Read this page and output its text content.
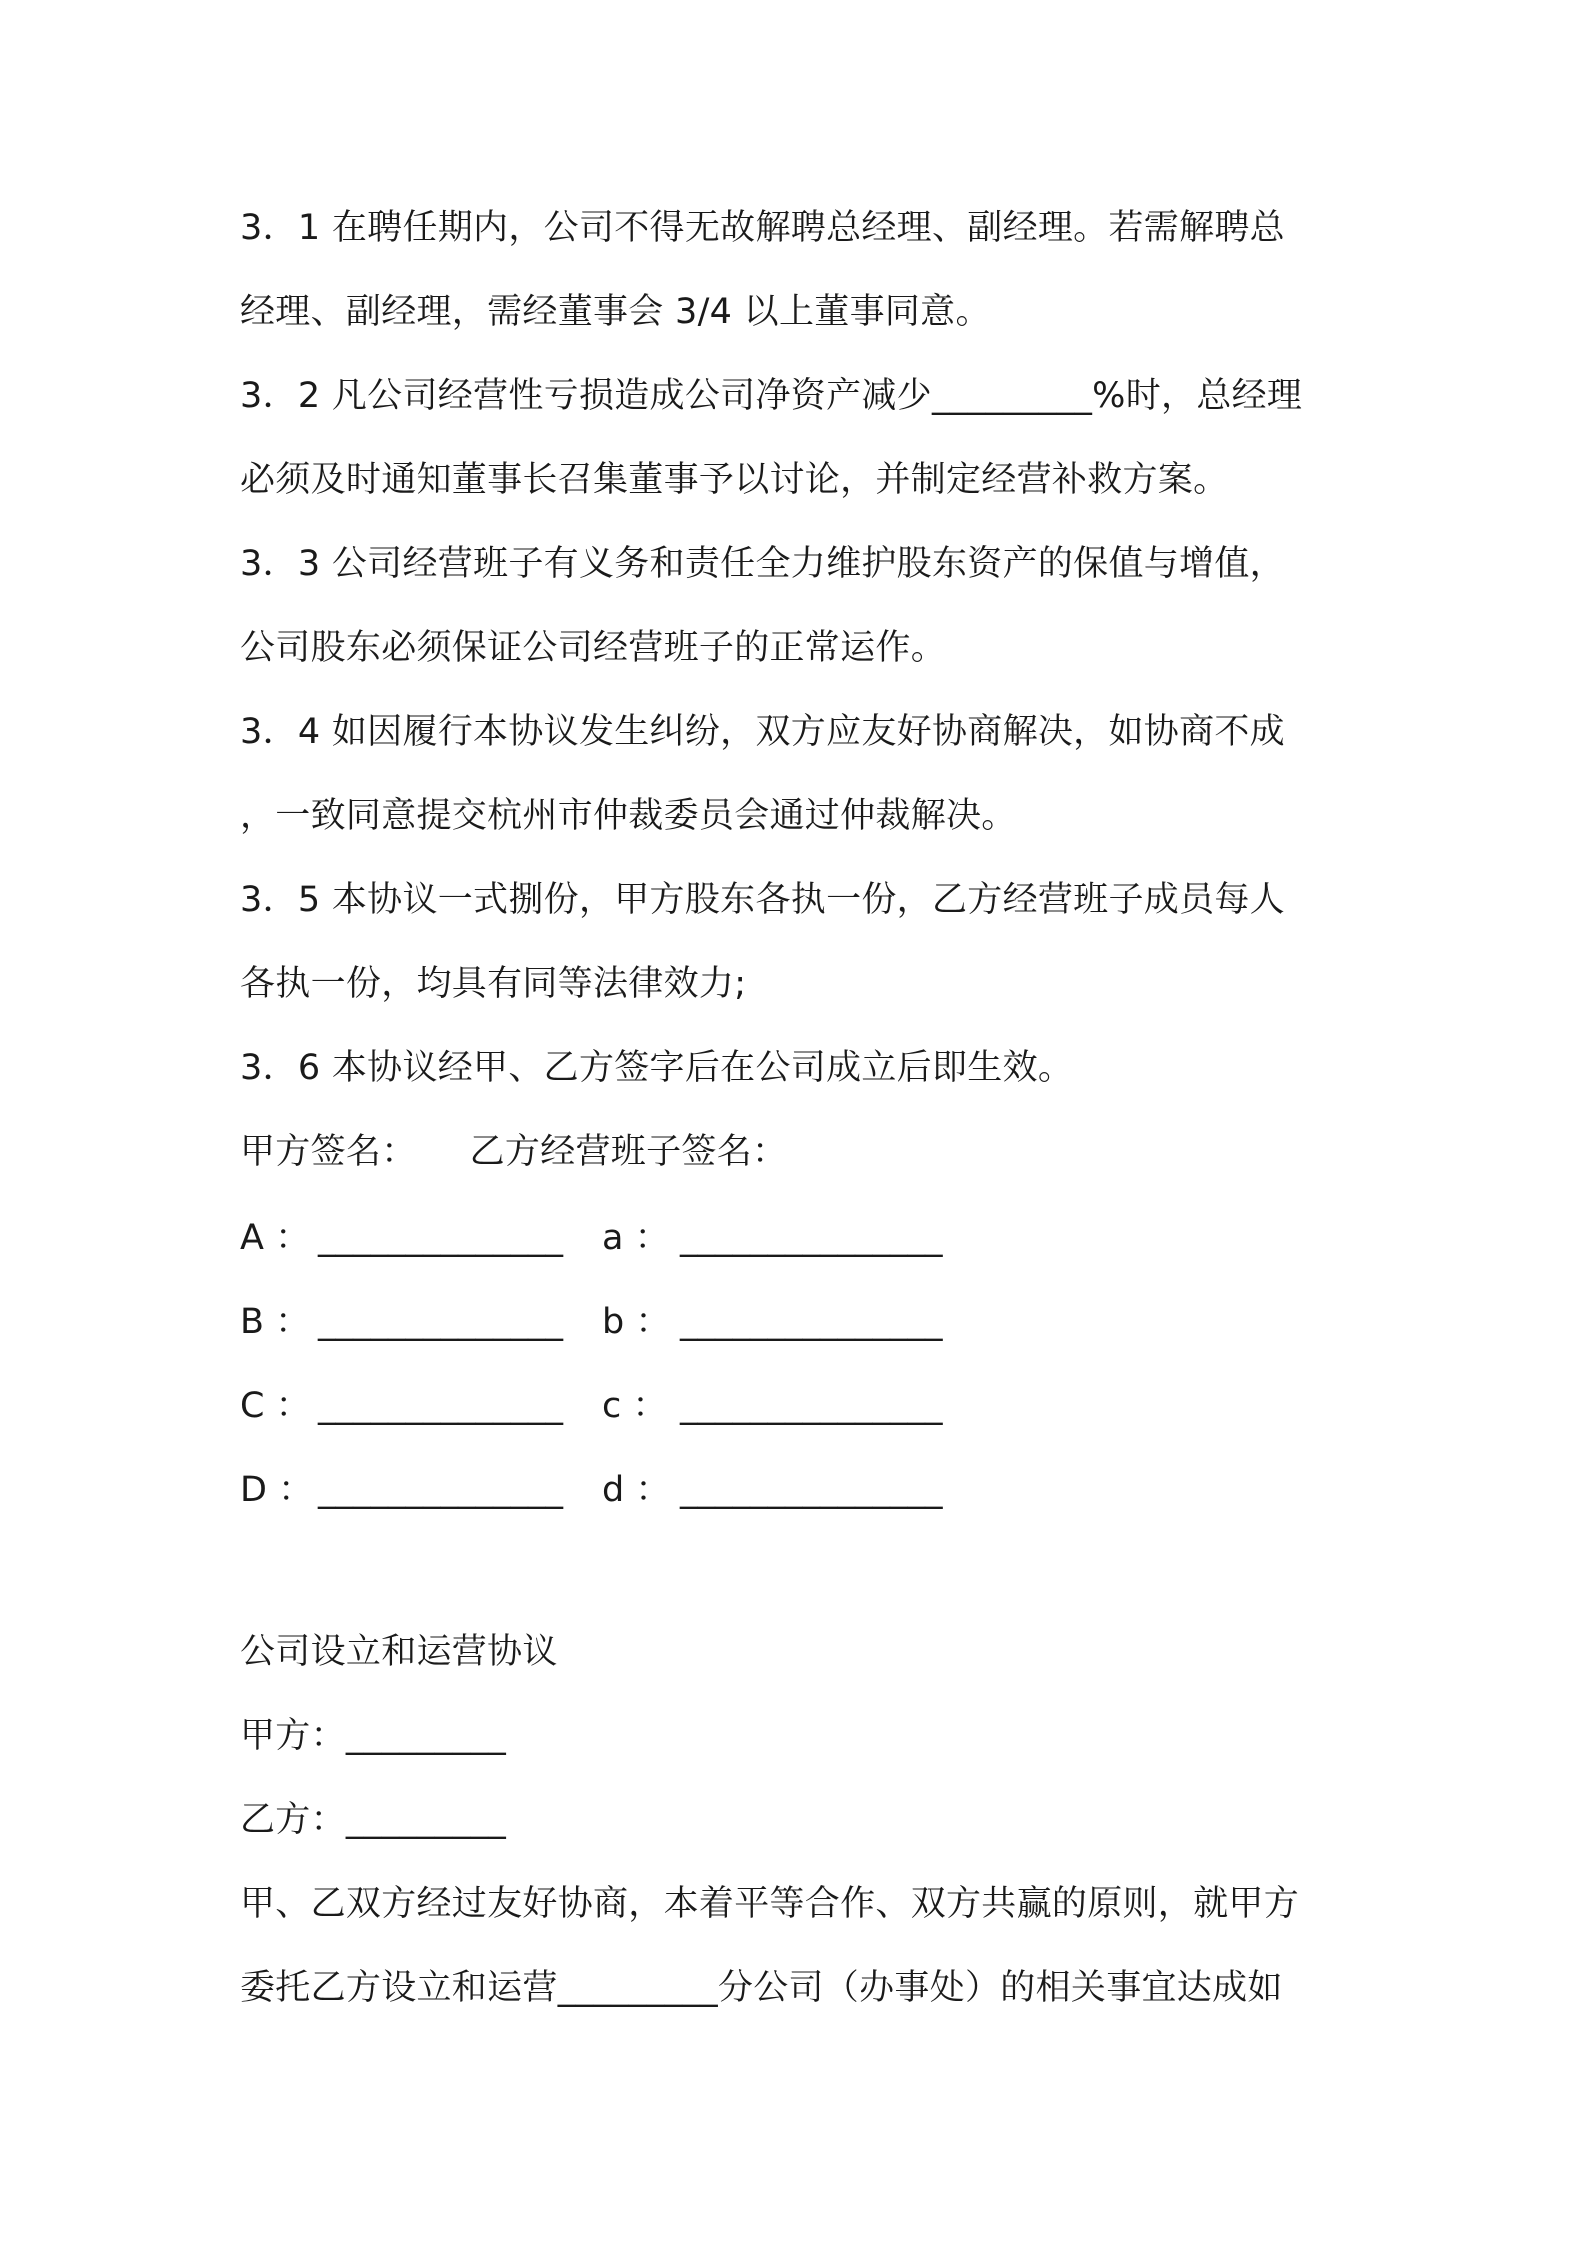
3．1 在聘任期内，公司不得无故解聘总经理、副经理。若需解聘总
经理、副经理，需经董事会 3/4 以上董事同意。
3．2 凡公司经营性亏损造成公司净资产减少_________%时，总经理
必须及时通知董事长召集董事予以讨论，并制定经营补救方案。
3．3 公司经营班子有义务和责任全力维护股东资产的保值与增值，
公司股东必须保证公司经营班子的正常运作。
3．4 如因履行本协议发生纠纷，双方应友好协商解决，如协商不成
，一致同意提交杭州市仲裁委员会通过仲裁解决。
3．5 本协议一式捌份，甲方股东各执一份，乙方经营班子成员每人
各执一份，均具有同等法律效力;
3．6 本协议经甲、乙方签字后在公司成立后即生效。
甲方签名：　　乙方经营班子签名：
A ： ______________ a ： _______________
B ： ______________ b ： _______________
C ： ______________ c ： _______________
D ： ______________ d ： _______________
公司设立和运营协议
甲方：_________
乙方：_________
甲、乙双方经过友好协商，本着平等合作、双方共赢的原则，就甲方
委托乙方设立和运营_________分公司（办事处）的相关事宜达成如
